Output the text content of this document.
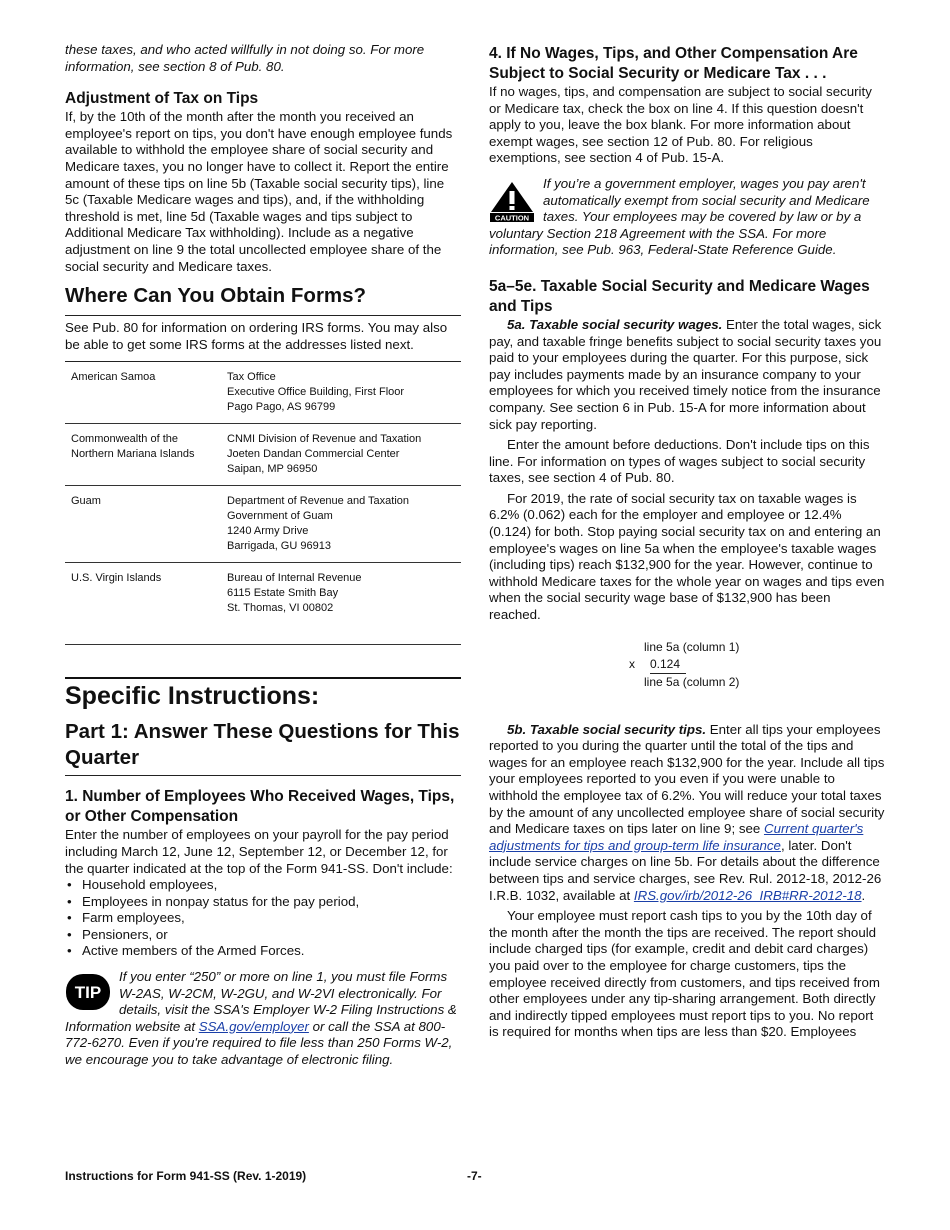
these taxes, and who acted willfully in not doing so. For more information, see section 8 of Pub. 80.

Adjustment of Tax on Tips

If, by the 10th of the month after the month you received an employee's report on tips, you don't have enough employee funds available to withhold the employee share of social security and Medicare taxes, you no longer have to collect it. Report the entire amount of these tips on line 5b (Taxable social security tips), line 5c (Taxable Medicare wages and tips), and, if the withholding threshold is met, line 5d (Taxable wages and tips subject to Additional Medicare Tax withholding). Include as a negative adjustment on line 9 the total uncollected employee share of the social security and Medicare taxes.

Where Can You Obtain Forms?

See Pub. 80 for information on ordering IRS forms. You may also be able to get some IRS forms at the addresses listed next.

American Samoa	Tax Office
Executive Office Building, First Floor
Pago Pago, AS 96799

Commonwealth of the Northern Mariana Islands	CNMI Division of Revenue and Taxation
Joeten Dandan Commercial Center
Saipan, MP 96950

Guam	Department of Revenue and Taxation
Government of Guam
1240 Army Drive
Barrigada, GU 96913

U.S. Virgin Islands	Bureau of Internal Revenue
6115 Estate Smith Bay
St. Thomas, VI 00802

Specific Instructions:

Part 1: Answer These Questions for This Quarter

1. Number of Employees Who Received Wages, Tips, or Other Compensation

Enter the number of employees on your payroll for the pay period including March 12, June 12, September 12, or December 12, for the quarter indicated at the top of the Form 941-SS. Don't include:

• Household employees,
• Employees in nonpay status for the pay period,
• Farm employees,
• Pensioners, or
• Active members of the Armed Forces.
TIP

If you enter “250” or more on line 1, you must file Forms W-2AS, W-2CM, W-2GU, and W-2VI electronically. For details, visit the SSA's Employer W-2 Filing Instructions & Information website at SSA.gov/employer or call the SSA at 800-772-6270. Even if you're required to file less than 250 Forms W-2, we encourage you to take advantage of electronic filing.

4. If No Wages, Tips, and Other Compensation Are Subject to Social Security or Medicare Tax . . .

If no wages, tips, and compensation are subject to social security or Medicare tax, check the box on line 4. If this question doesn't apply to you, leave the box blank. For more information about exempt wages, see section 12 of Pub. 80. For religious exemptions, see section 4 of Pub. 15-A.

CAUTION

If you’re a government employer, wages you pay aren't automatically exempt from social security and Medicare taxes. Your employees may be covered by law or by a voluntary Section 218 Agreement with the SSA. For more information, see Pub. 963, Federal-State Reference Guide.

5a–5e. Taxable Social Security and Medicare Wages and Tips

5a. Taxable social security wages. Enter the total wages, sick pay, and taxable fringe benefits subject to social security taxes you paid to your employees during the quarter. For this purpose, sick pay includes payments made by an insurance company to your employees for which you received timely notice from the insurance company. See section 6 in Pub. 15-A for more information about sick pay reporting.

Enter the amount before deductions. Don't include tips on this line. For information on types of wages subject to social security taxes, see section 4 of Pub. 80.

For 2019, the rate of social security tax on taxable wages is 6.2% (0.062) each for the employer and employee or 12.4% (0.124) for both. Stop paying social security tax on and entering an employee's wages on line 5a when the employee's taxable wages (including tips) reach $132,900 for the year. However, continue to withhold Medicare taxes for the whole year on wages and tips even when the social security wage base of $132,900 has been reached.

line 5a (column 1)
x	0.124
line 5a (column 2)

5b. Taxable social security tips. Enter all tips your employees reported to you during the quarter until the total of the tips and wages for an employee reach $132,900 for the year. Include all tips your employees reported to you even if you were unable to withhold the employee tax of 6.2%. You will reduce your total taxes by the amount of any uncollected employee share of social security and Medicare taxes on tips later on line 9; see Current quarter's adjustments for tips and group-term life insurance, later. Don't include service charges on line 5b. For details about the difference between tips and service charges, see Rev. Rul. 2012-18, 2012-26 I.R.B. 1032, available at IRS.gov/irb/2012-26_IRB#RR-2012-18.

Your employee must report cash tips to you by the 10th day of the month after the month the tips are received. The report should include charged tips (for example, credit and debit card charges) you paid over to the employee for charge customers, tips the employee received directly from customers, and tips received from other employees under any tip-sharing arrangement. Both directly and indirectly tipped employees must report tips to you. No report is required for months when tips are less than $20. Employees

Instructions for Form 941-SS (Rev. 1-2019)	-7-
